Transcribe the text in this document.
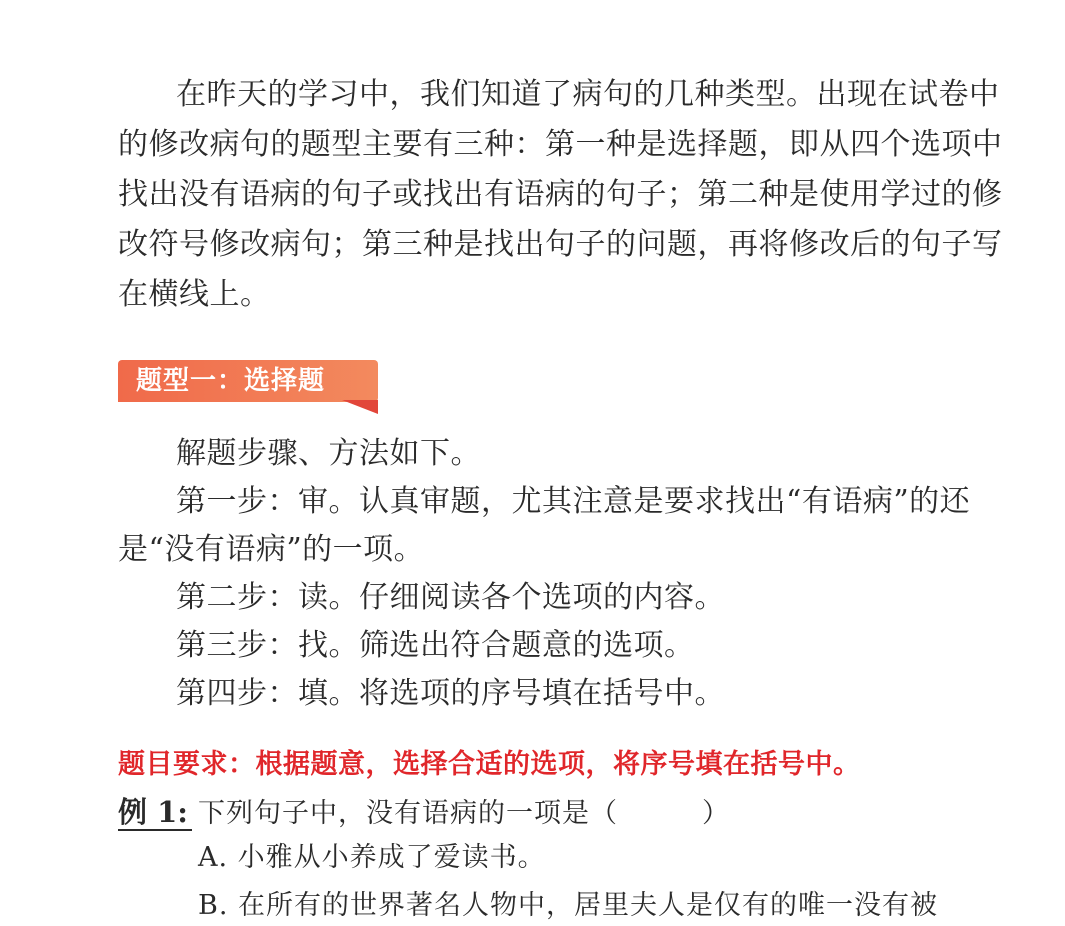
在昨天的学习中，我们知道了病句的几种类型。出现在试卷中
的修改病句的题型主要有三种：第一种是选择题，即从四个选项中
找出没有语病的句子或找出有语病的句子；第二种是使用学过的修
改符号修改病句；第三种是找出句子的问题，再将修改后的句子写
在横线上。
题型一：选择题
解题步骤、方法如下。
第一步：审。认真审题，尤其注意是要求找出“有语病”的还
是“没有语病”的一项。
第二步：读。仔细阅读各个选项的内容。
第三步：找。筛选出符合题意的选项。
第四步：填。将选项的序号填在括号中。
题目要求：根据题意，选择合适的选项，将序号填在括号中。
例 1: 下列句子中，没有语病的一项是（　　　）
A. 小雅从小养成了爱读书。
B. 在所有的世界著名人物中，居里夫人是仅有的唯一没有被
